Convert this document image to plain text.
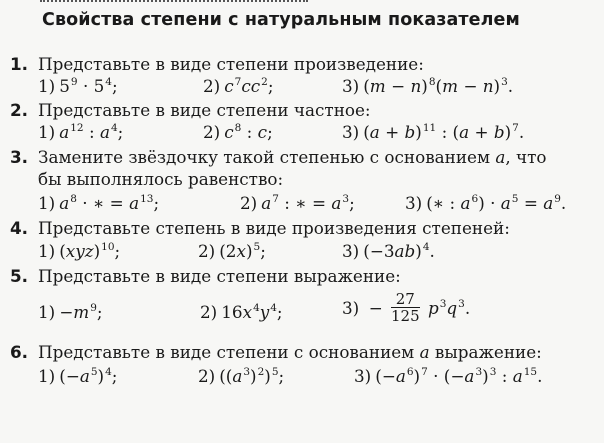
Свойства степени с натуральным показателем
1. Представьте в виде степени произведение:
1) $5^9 \cdot 5^4$;	2) $c^7cc^2$;	3) $(m - n)^8(m - n)^3$.
2. Представьте в виде степени частное:
1) $a^{12}$ : $a^4$;	2) $c^8$ : c;	3) $(a + b)^{11}$ : $(a + b)^7$.
3. Замените звёздочку такой степенью с основанием a, что
бы выполнялось равенство:
1) $a^8$ · ∗ = $a^{13}$;	2) $a^7$ : ∗ = $a^3$;	3) (∗ : $a^6) \cdot a^5 = a^9$.
4. Представьте степень в виде произведения степеней:
1) (xyz)$^{10}$;	2) $(2x)^5$;	3) $(-3ab)^4$.
5. Представьте в виде степени выражение:
$1) -m^9$;	2) $16x^4y^4$;	$3) - \frac{27}{125} p^3q^3$.
6. Представьте в виде степени с основанием a выражение:
1) $(-a^5)^4$;	2) $((a^3)^2)^5$;	3) $(-a^6)^7 \cdot (-a^3)^3$ : $a^{15}$.
